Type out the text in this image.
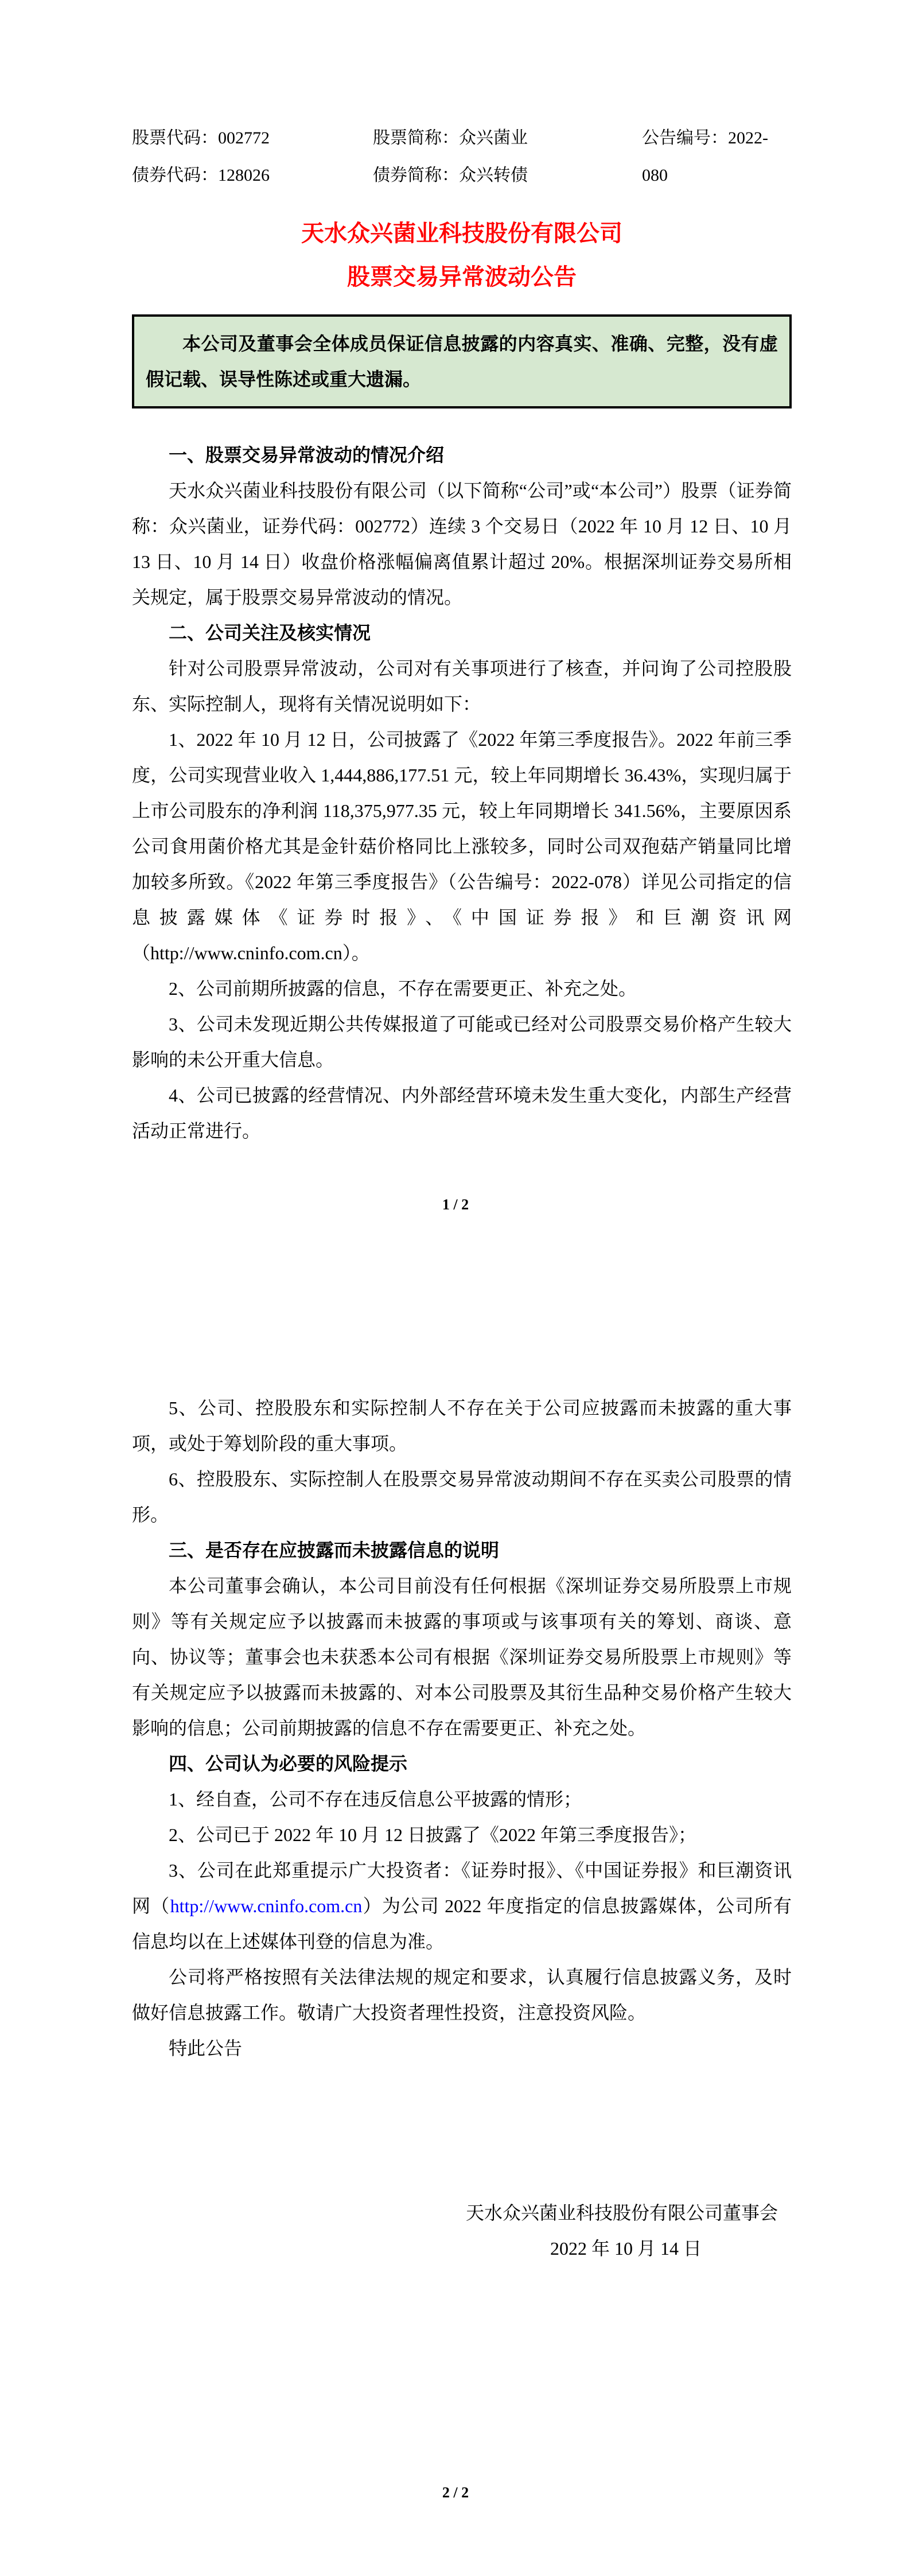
股票代码：002772
债券代码：128026
股票简称：众兴菌业
债券简称：众兴转债
公告编号：2022-080
天水众兴菌业科技股份有限公司
股票交易异常波动公告

本公司及董事会全体成员保证信息披露的内容真实、准确、完整，没有虚假记载、误导性陈述或重大遗漏。

一、股票交易异常波动的情况介绍

天水众兴菌业科技股份有限公司（以下简称“公司”或“本公司”）股票（证券简称：众兴菌业，证券代码：002772）连续 3 个交易日（2022 年 10 月 12 日、10 月 13 日、10 月 14 日）收盘价格涨幅偏离值累计超过 20%。根据深圳证券交易所相关规定，属于股票交易异常波动的情况。

二、公司关注及核实情况

针对公司股票异常波动，公司对有关事项进行了核查，并问询了公司控股股东、实际控制人，现将有关情况说明如下：

1、2022 年 10 月 12 日，公司披露了《2022 年第三季度报告》。2022 年前三季度，公司实现营业收入 1,444,886,177.51 元，较上年同期增长 36.43%，实现归属于上市公司股东的净利润 118,375,977.35 元，较上年同期增长 341.56%，主要原因系公司食用菌价格尤其是金针菇价格同比上涨较多，同时公司双孢菇产销量同比增加较多所致。《2022 年第三季度报告》（公告编号：2022-078）详见公司指定的信息披露媒体《证券时报》、《中国证券报》和巨潮资讯网（http://www.cninfo.com.cn）。

2、公司前期所披露的信息，不存在需要更正、补充之处。

3、公司未发现近期公共传媒报道了可能或已经对公司股票交易价格产生较大影响的未公开重大信息。

4、公司已披露的经营情况、内外部经营环境未发生重大变化，内部生产经营活动正常进行。

1 / 2

5、公司、控股股东和实际控制人不存在关于公司应披露而未披露的重大事项，或处于筹划阶段的重大事项。

6、控股股东、实际控制人在股票交易异常波动期间不存在买卖公司股票的情形。

三、是否存在应披露而未披露信息的说明

本公司董事会确认，本公司目前没有任何根据《深圳证券交易所股票上市规则》等有关规定应予以披露而未披露的事项或与该事项有关的筹划、商谈、意向、协议等；董事会也未获悉本公司有根据《深圳证券交易所股票上市规则》等有关规定应予以披露而未披露的、对本公司股票及其衍生品种交易价格产生较大影响的信息；公司前期披露的信息不存在需要更正、补充之处。

四、公司认为必要的风险提示

1、经自查，公司不存在违反信息公平披露的情形；

2、公司已于 2022 年 10 月 12 日披露了《2022 年第三季度报告》；

3、公司在此郑重提示广大投资者：《证券时报》、《中国证券报》和巨潮资讯网（http://www.cninfo.com.cn）为公司 2022 年度指定的信息披露媒体，公司所有信息均以在上述媒体刊登的信息为准。

公司将严格按照有关法律法规的规定和要求，认真履行信息披露义务，及时做好信息披露工作。敬请广大投资者理性投资，注意投资风险。

特此公告

天水众兴菌业科技股份有限公司董事会

2022 年 10 月 14 日

2 / 2
